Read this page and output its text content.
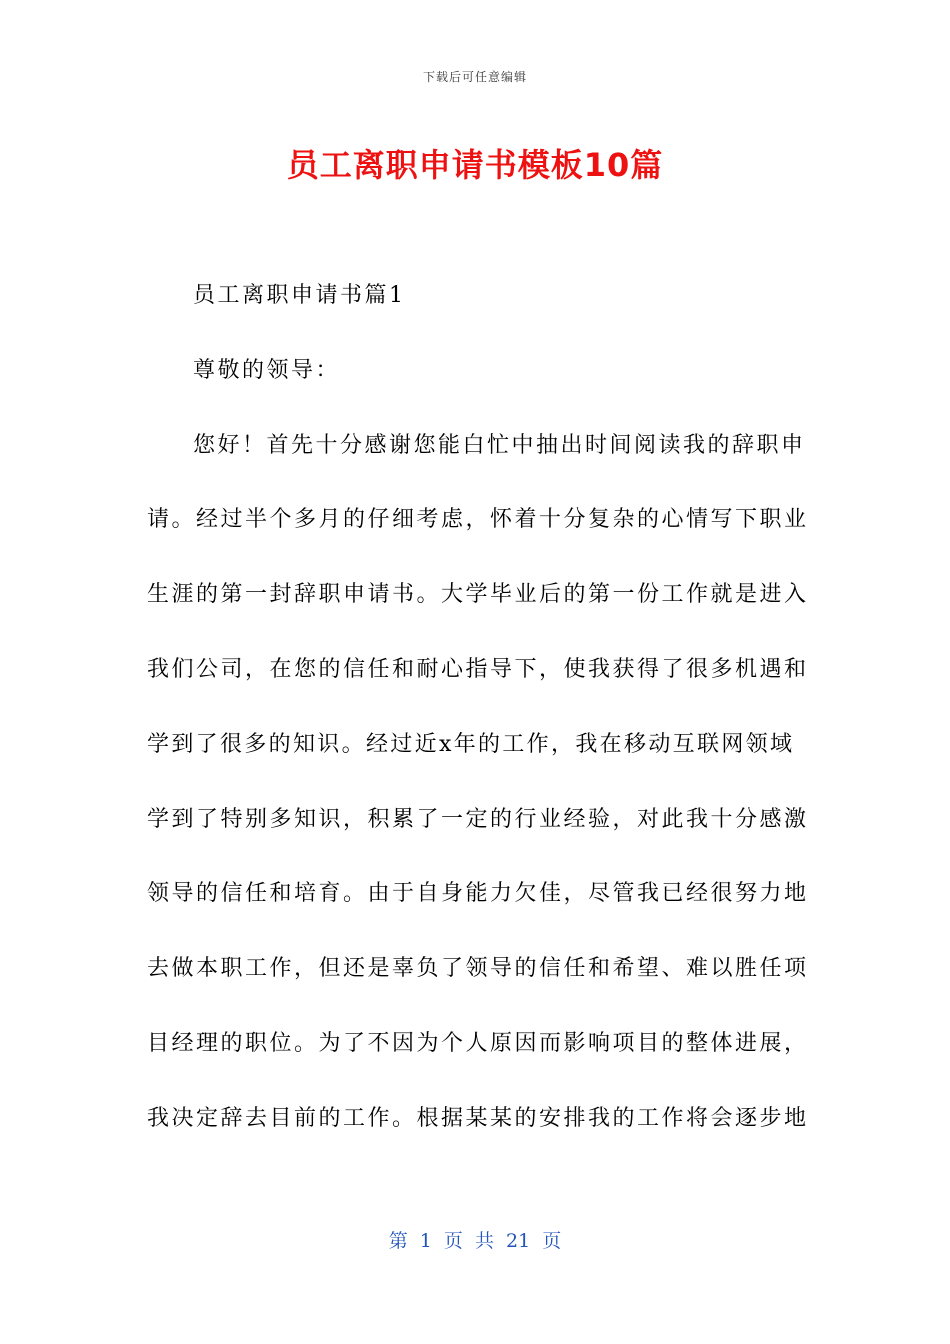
下载后可任意编辑
员工离职申请书模板10篇
员工离职申请书篇1
尊敬的领导：
您好！首先十分感谢您能白忙中抽出时间阅读我的辞职申
请。经过半个多月的仔细考虑，怀着十分复杂的心情写下职业
生涯的第一封辞职申请书。大学毕业后的第一份工作就是进入
我们公司，在您的信任和耐心指导下，使我获得了很多机遇和
学到了很多的知识。经过近x年的工作，我在移动互联网领域
学到了特别多知识，积累了一定的行业经验，对此我十分感激
领导的信任和培育。由于自身能力欠佳，尽管我已经很努力地
去做本职工作，但还是辜负了领导的信任和希望、难以胜任项
目经理的职位。为了不因为个人原因而影响项目的整体进展，
我决定辞去目前的工作。根据某某的安排我的工作将会逐步地
第 1 页 共 21 页
